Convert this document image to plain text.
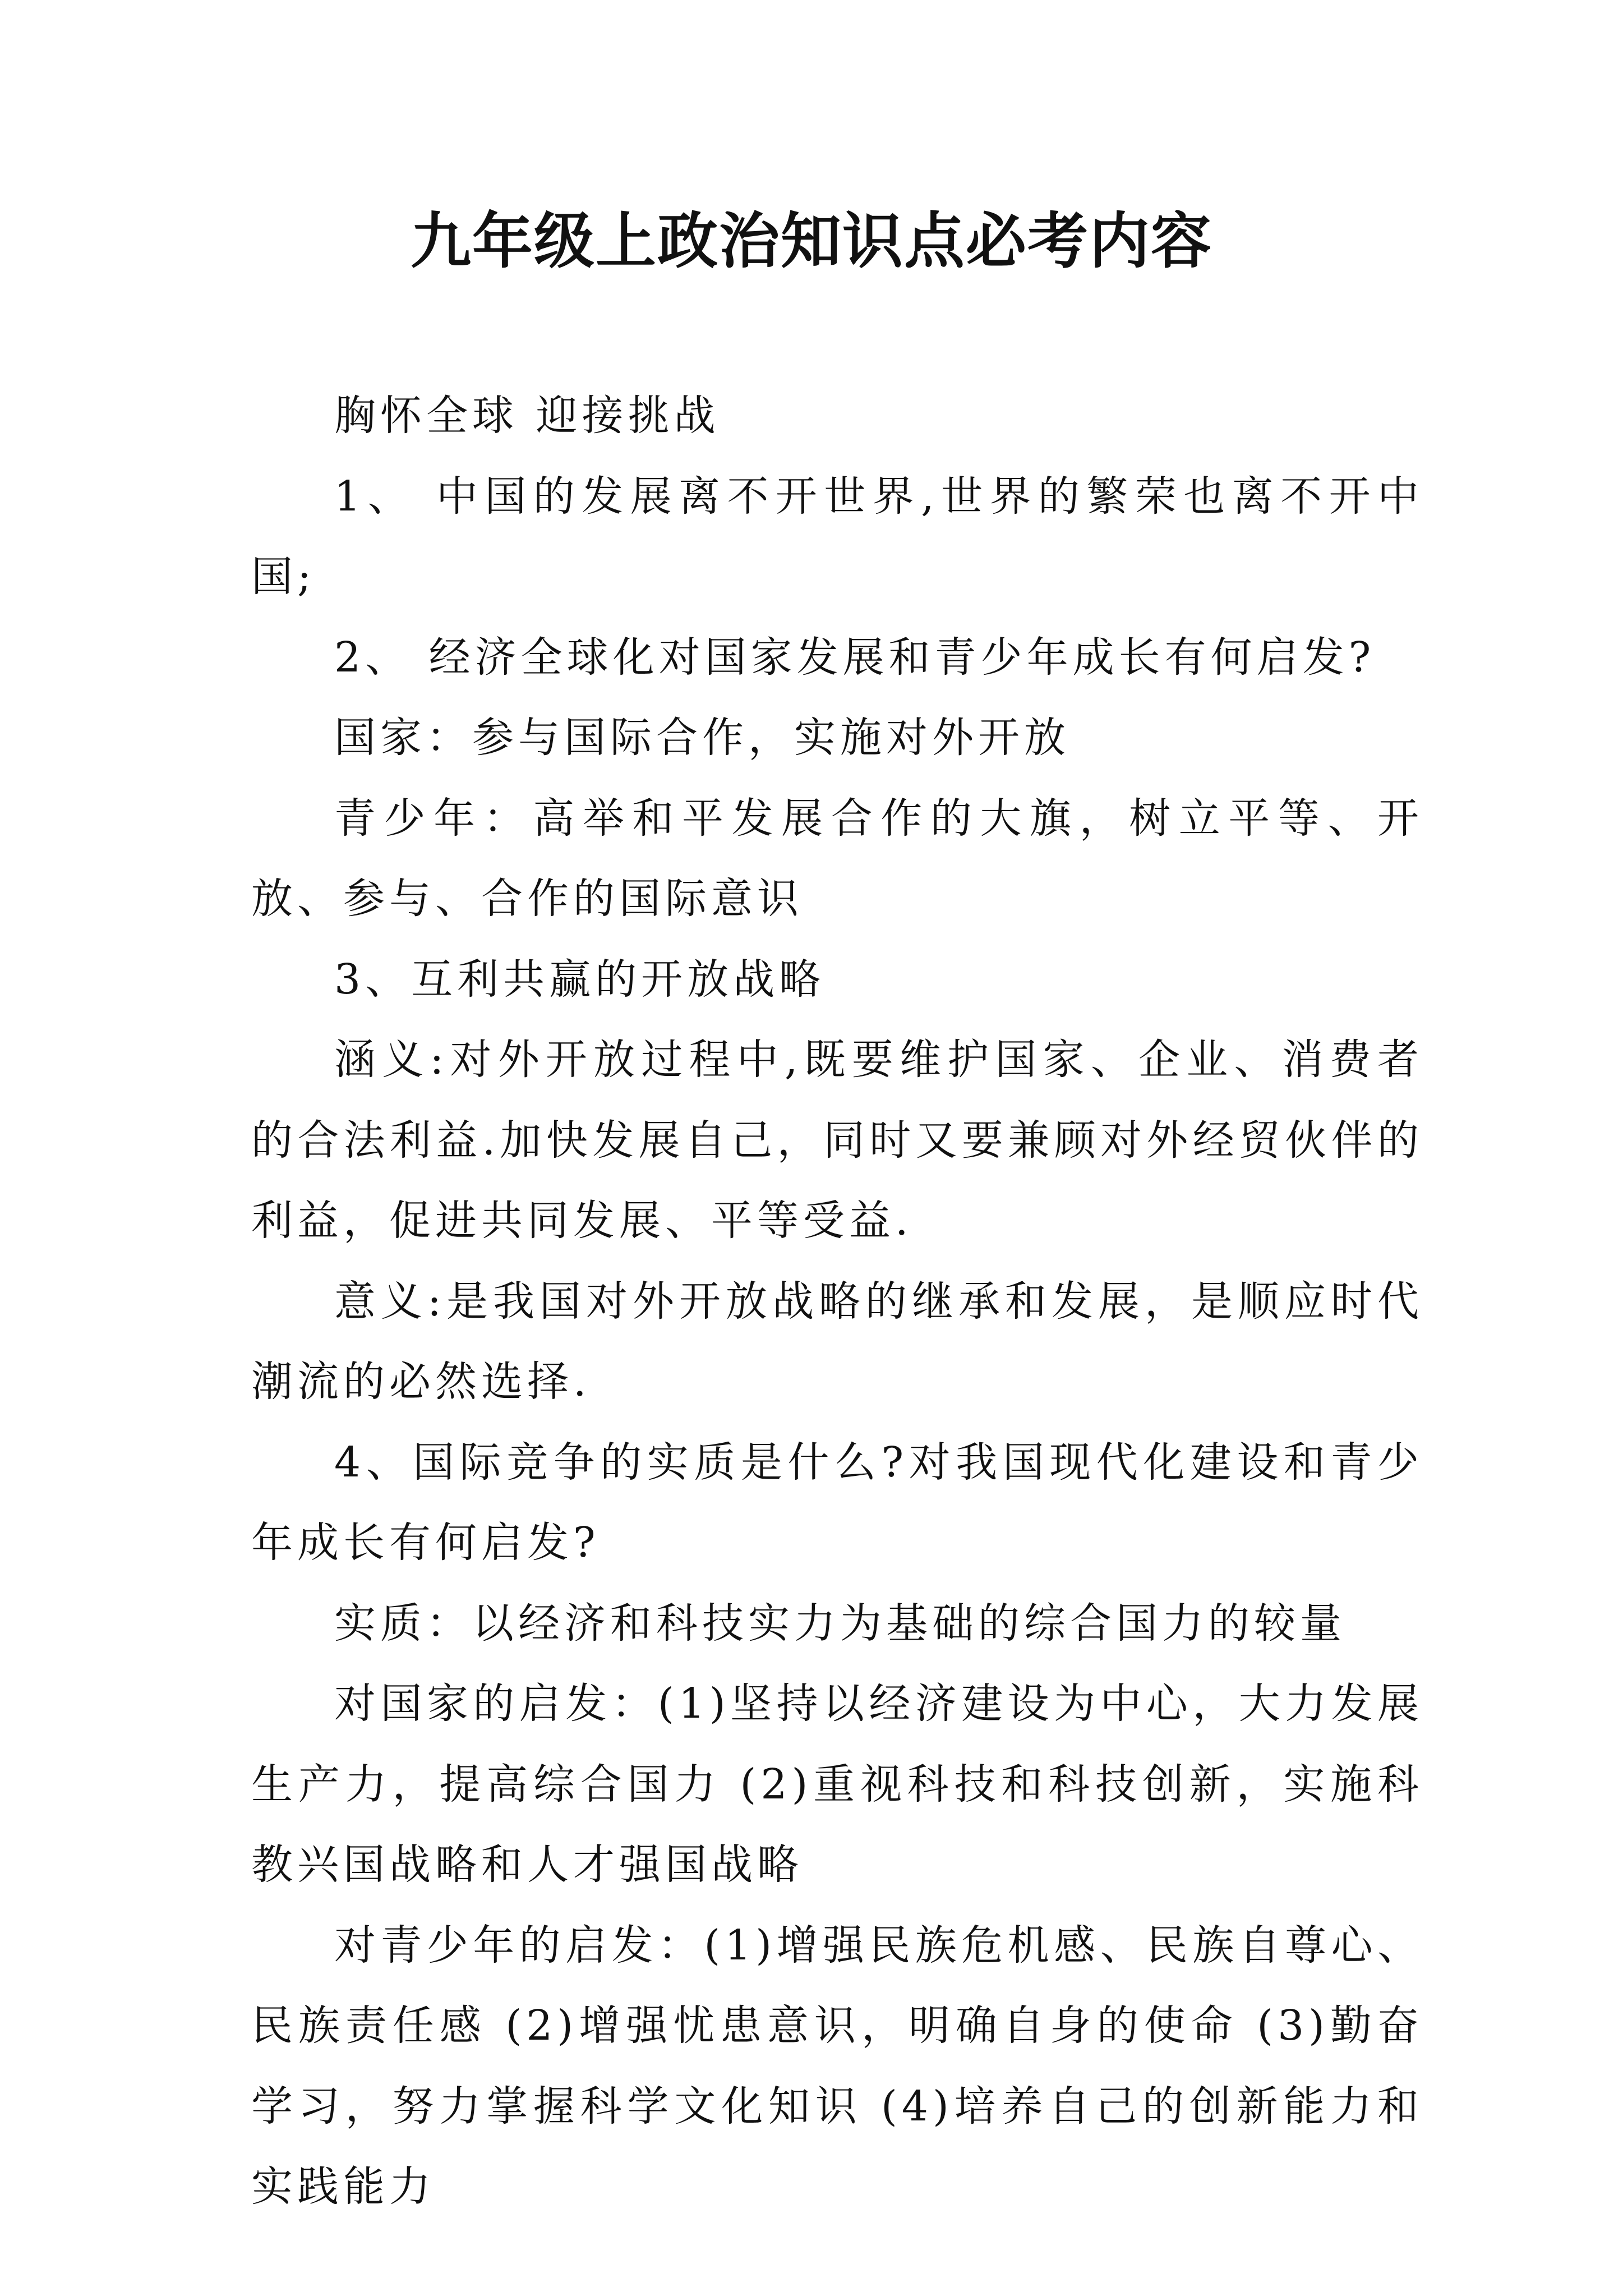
九年级上政治知识点必考内容

胸怀全球 迎接挑战

1、 中国的发展离不开世界,世界的繁荣也离不开中国;

2、 经济全球化对国家发展和青少年成长有何启发?

国家：参与国际合作，实施对外开放

青少年：高举和平发展合作的大旗，树立平等、开放、参与、合作的国际意识

3、互利共赢的开放战略

涵义:对外开放过程中,既要维护国家、企业、消费者的合法利益.加快发展自己，同时又要兼顾对外经贸伙伴的利益，促进共同发展、平等受益.

意义:是我国对外开放战略的继承和发展，是顺应时代潮流的必然选择.

4、国际竞争的实质是什么?对我国现代化建设和青少年成长有何启发?

实质：以经济和科技实力为基础的综合国力的较量

对国家的启发：(1)坚持以经济建设为中心，大力发展生产力，提高综合国力 (2)重视科技和科技创新，实施科教兴国战略和人才强国战略

对青少年的启发：(1)增强民族危机感、民族自尊心、民族责任感 (2)增强忧患意识，明确自身的使命 (3)勤奋学习，努力掌握科学文化知识 (4)培养自己的创新能力和实践能力
